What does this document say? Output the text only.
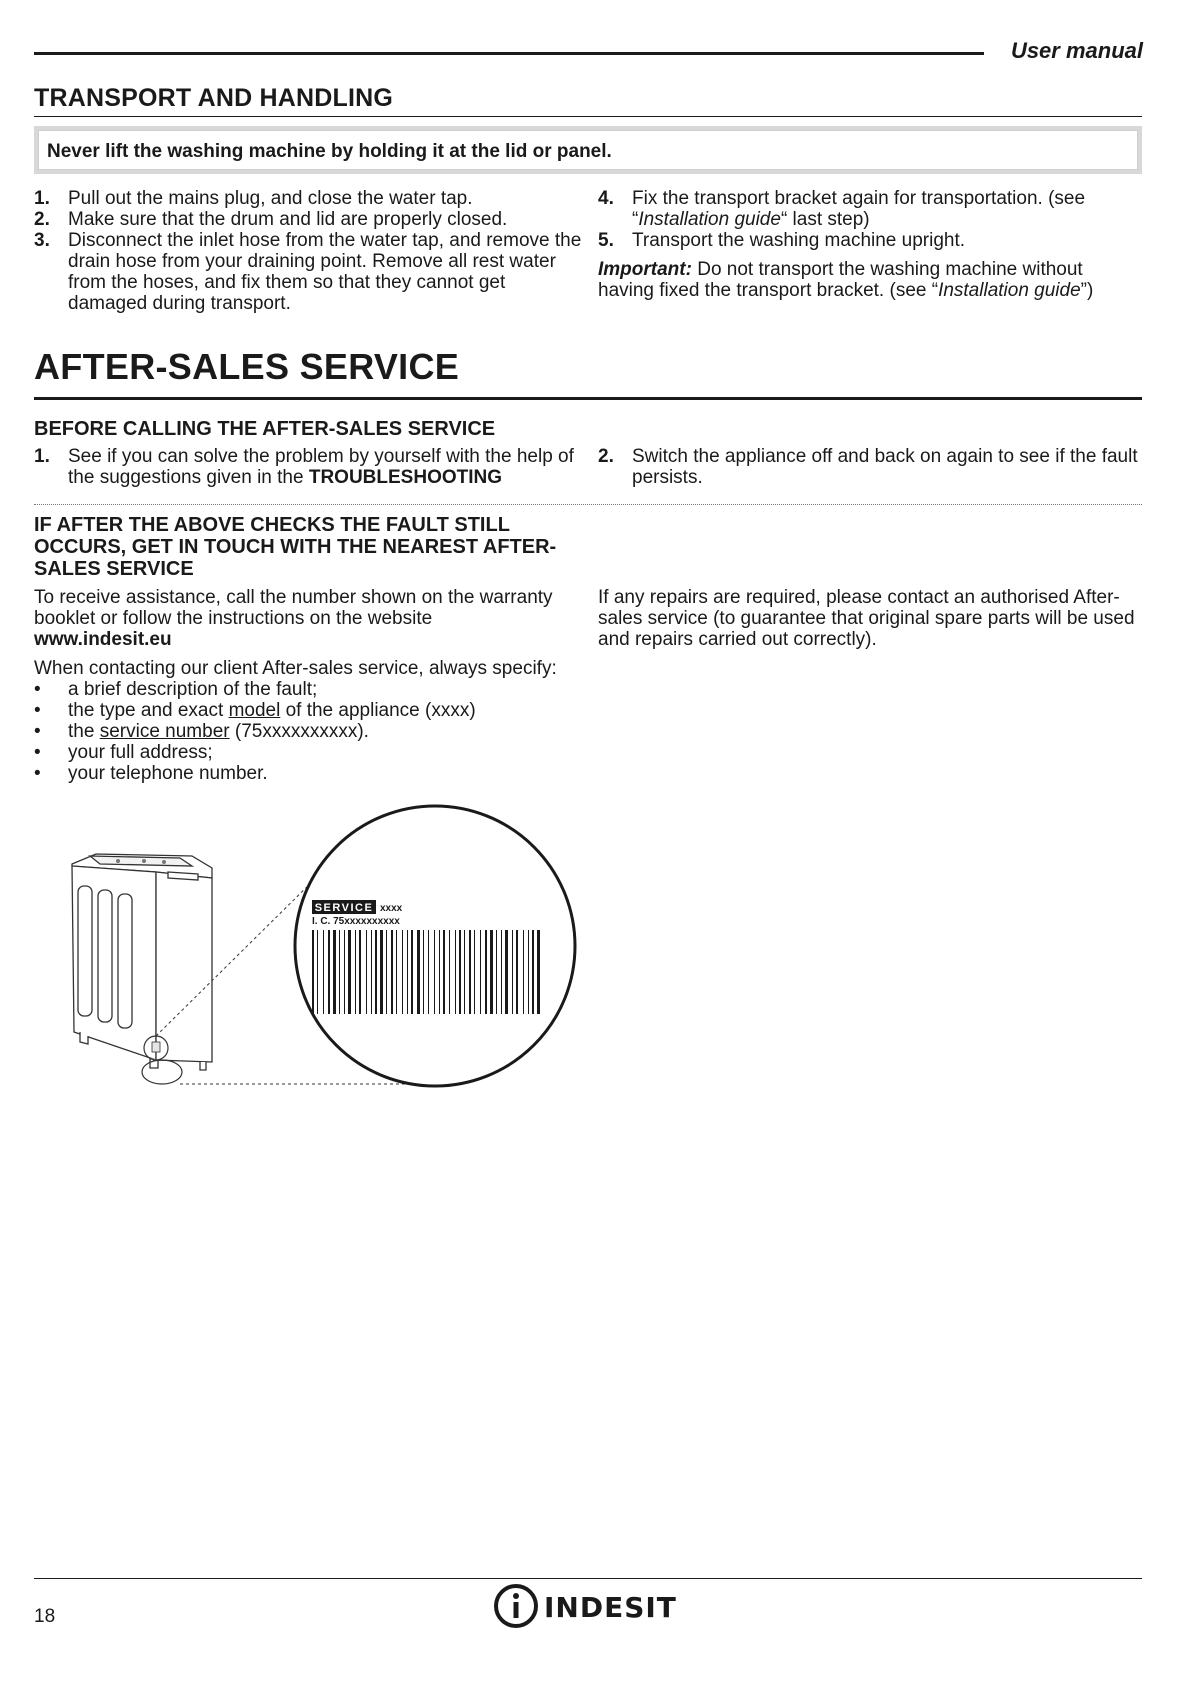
User manual
TRANSPORT AND HANDLING
Never lift the washing machine by holding it at the lid or panel.
1. Pull out the mains plug, and close the water tap.
2. Make sure that the drum and lid are properly closed.
3. Disconnect the inlet hose from the water tap, and remove the drain hose from your draining point. Remove all rest water from the hoses, and fix them so that they cannot get damaged during transport.
4. Fix the transport bracket again for transportation. (see “Installation guide“ last step)
5. Transport the washing machine upright.

Important: Do not transport the washing machine without having fixed the transport bracket. (see “Installation guide”)

AFTER-SALES SERVICE
BEFORE CALLING THE AFTER-SALES SERVICE
1. See if you can solve the problem by yourself with the help of the suggestions given in the TROUBLESHOOTING
2. Switch the appliance off and back on again to see if the fault persists.
IF AFTER THE ABOVE CHECKS THE FAULT STILL OCCURS, GET IN TOUCH WITH THE NEAREST AFTER-SALES SERVICE

To receive assistance, call the number shown on the warranty booklet or follow the instructions on the website

www.indesit.eu

When contacting our client After-sales service, always specify:

• a brief description of the fault;
• the type and exact model of the appliance (xxxx)
• the service number (75xxxxxxxxxx).
• your full address;
• your telephone number.

If any repairs are required, please contact an authorised After-sales service (to guarantee that original spare parts will be used and repairs carried out correctly).

SERVICE xxxx
I. C. 75xxxxxxxxxx
18	INDESIT
